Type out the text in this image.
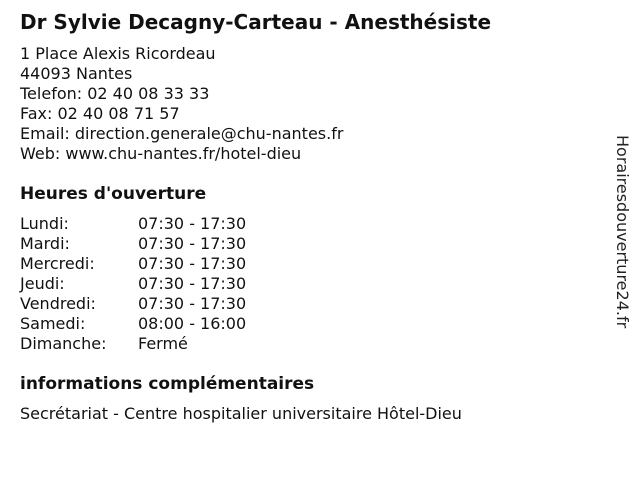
Dr Sylvie Decagny-Carteau - Anesthésiste
1 Place Alexis Ricordeau
44093 Nantes
Telefon: 02 40 08 33 33
Fax: 02 40 08 71 57
Email: direction.generale@chu-nantes.fr
Web: www.chu-nantes.fr/hotel-dieu
Heures d'ouverture
Lundi:	07:30 - 17:30
Mardi:	07:30 - 17:30
Mercredi:	07:30 - 17:30
Jeudi:	07:30 - 17:30
Vendredi:	07:30 - 17:30
Samedi:	08:00 - 16:00
Dimanche:	Fermé
informations complémentaires
Secrétariat - Centre hospitalier universitaire Hôtel-Dieu
Horairesdouverture24.fr
